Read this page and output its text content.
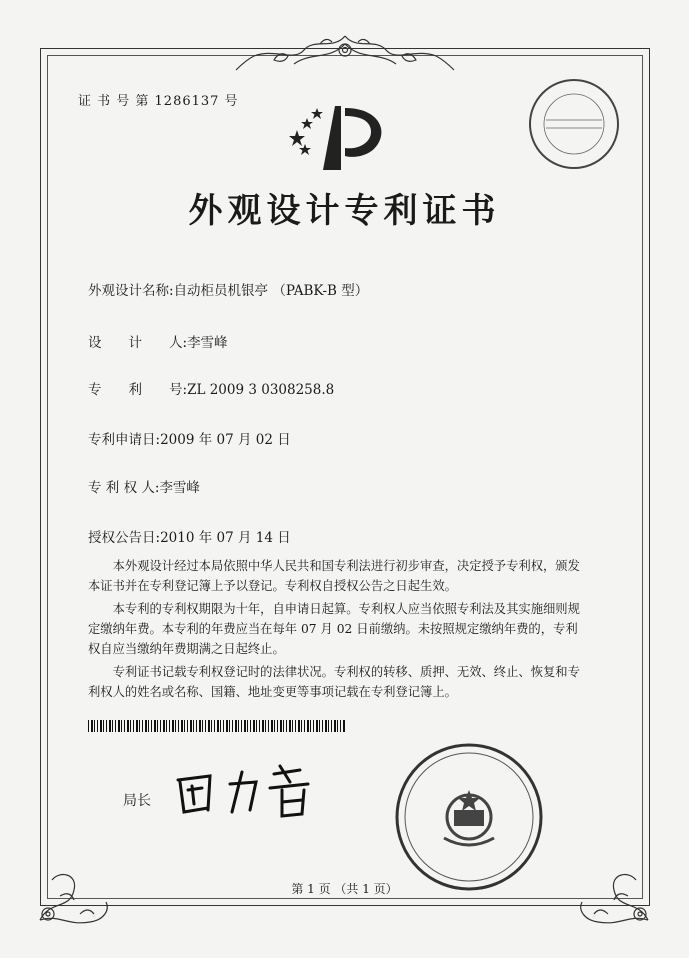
证 书 号 第 1286137 号
外观设计专利证书
外观设计名称:自动柜员机银亭 （PABK-B 型）
设　　计　　人:李雪峰
专　　利　　号:ZL 2009 3 0308258.8
专利申请日:2009 年 07 月 02 日
专 利 权 人:李雪峰
授权公告日:2010 年 07 月 14 日

本外观设计经过本局依照中华人民共和国专利法进行初步审查，决定授予专利权，颁发本证书并在专利登记簿上予以登记。专利权自授权公告之日起生效。

本专利的专利权期限为十年，自申请日起算。专利权人应当依照专利法及其实施细则规定缴纳年费。本专利的年费应当在每年 07 月 02 日前缴纳。未按照规定缴纳年费的，专利权自应当缴纳年费期满之日起终止。

专利证书记载专利权登记时的法律状况。专利权的转移、质押、无效、终止、恢复和专利权人的姓名或名称、国籍、地址变更等事项记载在专利登记簿上。

局长
第 1 页 （共 1 页）
